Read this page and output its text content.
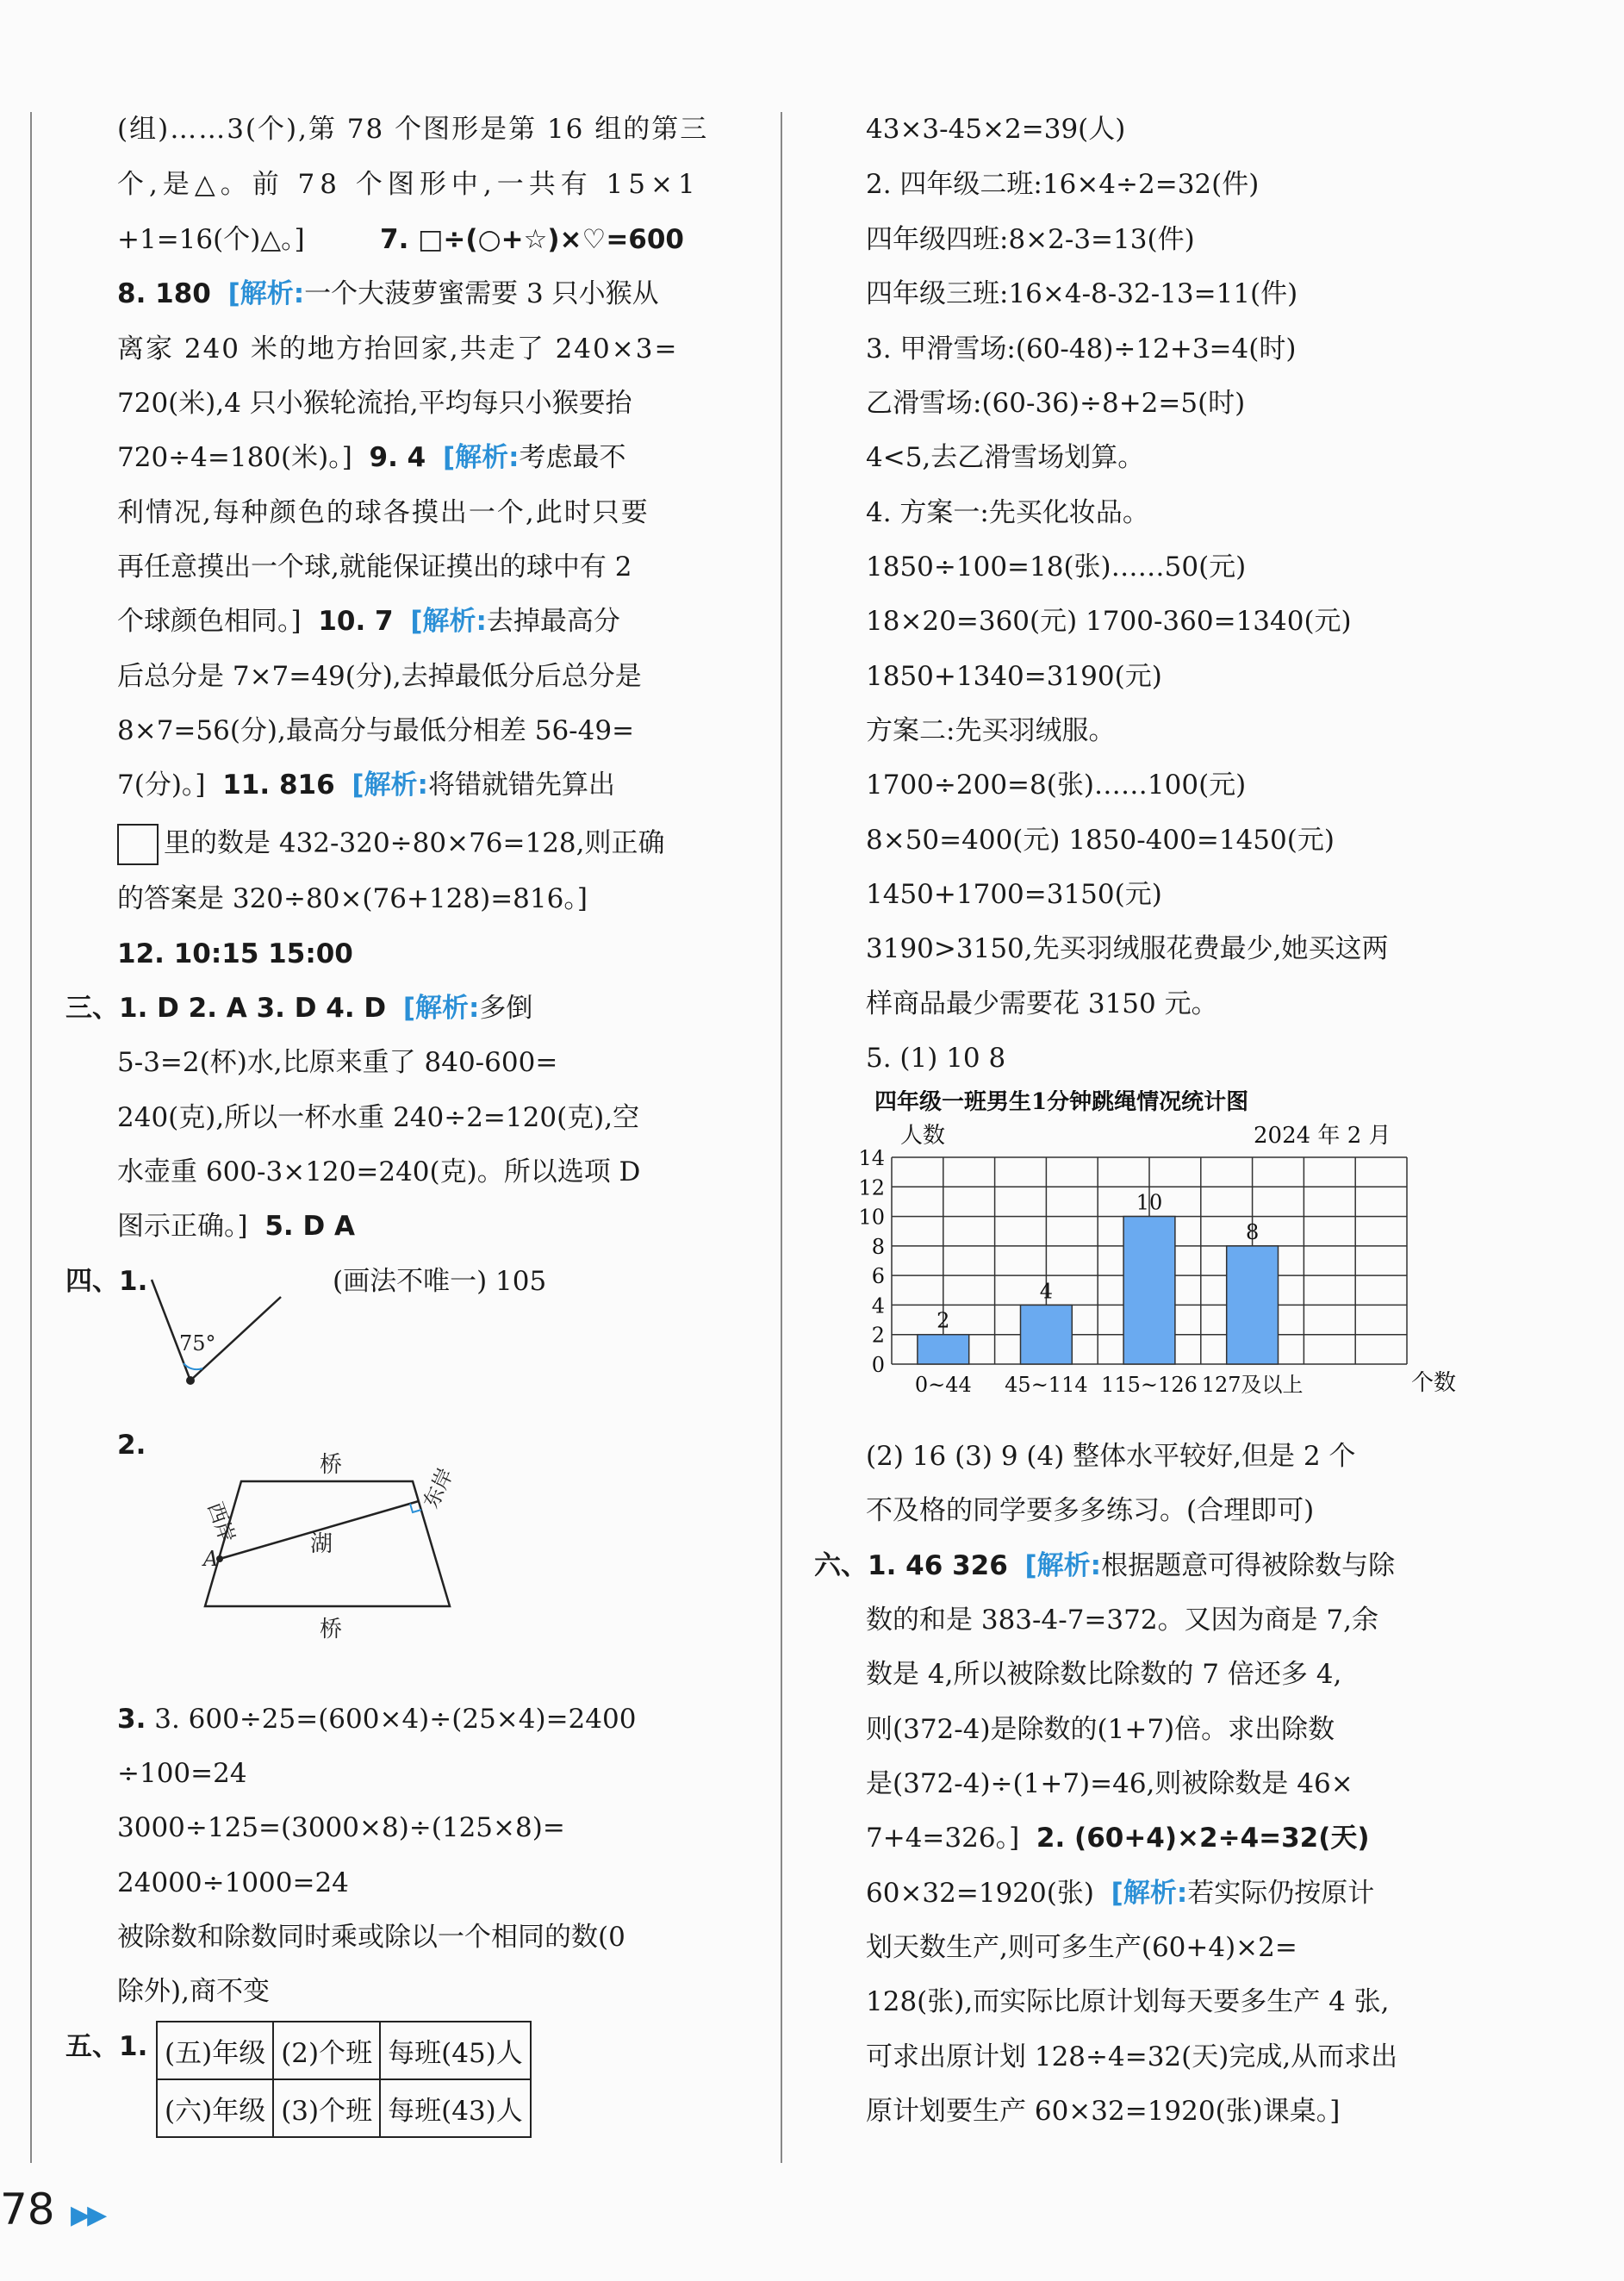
(组)……3(个),第 78 个图形是第 16 组的第三
个,是△。前 78 个图形中,一共有 15×1
+1=16(个)△。]	7. □÷(○+☆)×♡=600
8. 180 [解析:一个大菠萝蜜需要 3 只小猴从
离家 240 米的地方抬回家,共走了 240×3=
720(米),4 只小猴轮流抬,平均每只小猴要抬
720÷4=180(米)。] 9. 4 [解析:考虑最不
利情况,每种颜色的球各摸出一个,此时只要
再任意摸出一个球,就能保证摸出的球中有 2
个球颜色相同。] 10. 7 [解析:去掉最高分
后总分是 7×7=49(分),去掉最低分后总分是
8×7=56(分),最高分与最低分相差 56-49=
7(分)。] 11. 816 [解析:将错就错先算出
里的数是 432-320÷80×76=128,则正确
的答案是 320÷80×(76+128)=816。]
12. 10:15 15:00
三、1. D 2. A 3. D 4. D [解析:多倒
5-3=2(杯)水,比原来重了 840-600=
240(克),所以一杯水重 240÷2=120(克),空
水壶重 600-3×120=240(克)。所以选项 D
图示正确。] 5. D A
四、1.	(画法不唯一) 105
75°
2.
桥
桥
湖
A
西岸
东岸
3. 3. 600÷25=(600×4)÷(25×4)=2400
÷100=24
3000÷125=(3000×8)÷(125×8)=
24000÷1000=24
被除数和除数同时乘或除以一个相同的数(0
除外),商不变
五、1. (五)年级	(2)个班	每班(45)人
(六)年级	(3)个班	每班(43)人
43×3-45×2=39(人)
2. 四年级二班:16×4÷2=32(件)
四年级四班:8×2-3=13(件)
四年级三班:16×4-8-32-13=11(件)
3. 甲滑雪场:(60-48)÷12+3=4(时)
乙滑雪场:(60-36)÷8+2=5(时)
4<5,去乙滑雪场划算。
4. 方案一:先买化妆品。
1850÷100=18(张)……50(元)
18×20=360(元) 1700-360=1340(元)
1850+1340=3190(元)
方案二:先买羽绒服。
1700÷200=8(张)……100(元)
8×50=400(元) 1850-400=1450(元)
1450+1700=3150(元)
3190>3150,先买羽绒服花费最少,她买这两
样商品最少需要花 3150 元。
5. (1) 10 8
四年级一班男生1分钟跳绳情况统计图
人数	2024 年 2 月
个数
0
2
4
6
8
10
12
14
2
4
10
8
0~44 45~114 115~126 127及以上
(2) 16 (3) 9 (4) 整体水平较好,但是 2 个
不及格的同学要多多练习。(合理即可)
六、1. 46 326 [解析:根据题意可得被除数与除
数的和是 383-4-7=372。又因为商是 7,余
数是 4,所以被除数比除数的 7 倍还多 4,
则(372-4)是除数的(1+7)倍。求出除数
是(372-4)÷(1+7)=46,则被除数是 46×
7+4=326。] 2. (60+4)×2÷4=32(天)
60×32=1920(张) [解析:若实际仍按原计
划天数生产,则可多生产(60+4)×2=
128(张),而实际比原计划每天要多生产 4 张,
可求出原计划 128÷4=32(天)完成,从而求出
原计划要生产 60×32=1920(张)课桌。]
78 ▶▶
